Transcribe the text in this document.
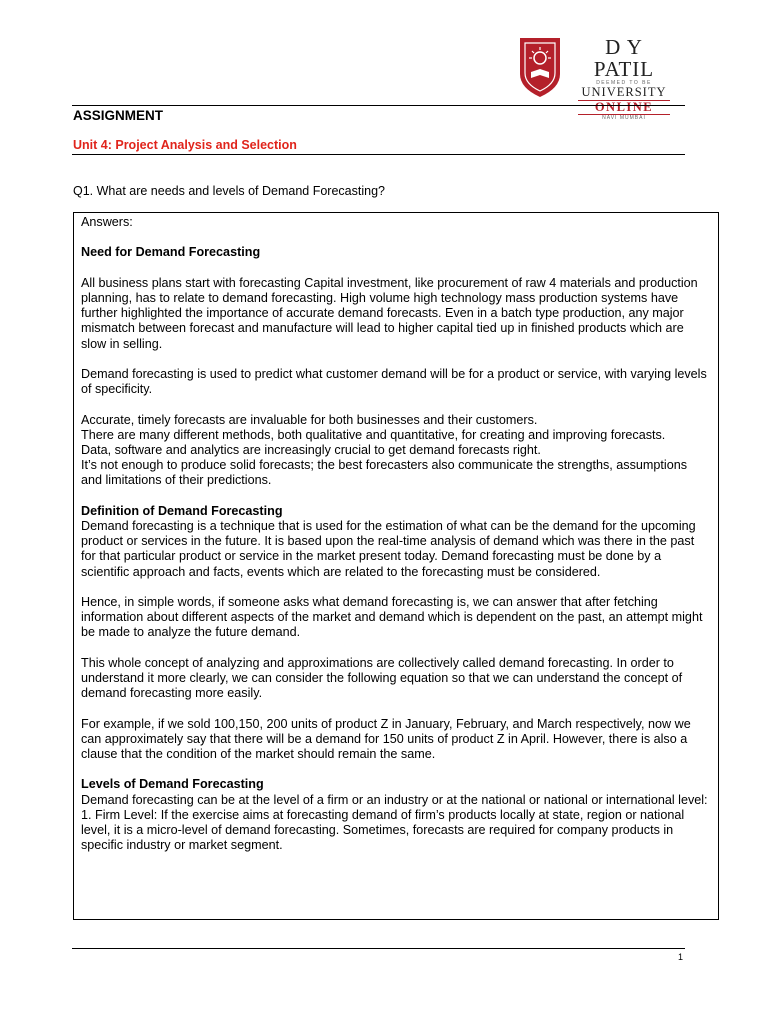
D Y PATIL
DEEMED TO BE
UNIVERSITY
ONLINE
NAVI MUMBAI
ASSIGNMENT
Unit 4: Project Analysis and Selection
Q1. What are needs and levels of Demand Forecasting?

Answers:

Need for Demand Forecasting

All business plans start with forecasting Capital investment, like procurement of raw 4 materials and production planning, has to relate to demand forecasting. High volume high technology mass production systems have further highlighted the importance of accurate demand forecasts. Even in a batch type production, any major mismatch between forecast and manufacture will lead to higher capital tied up in finished products which are slow in selling.

Demand forecasting is used to predict what customer demand will be for a product or service, with varying levels of specificity.

Accurate, timely forecasts are invaluable for both businesses and their customers.

There are many different methods, both qualitative and quantitative, for creating and improving forecasts.

Data, software and analytics are increasingly crucial to get demand forecasts right.

It’s not enough to produce solid forecasts; the best forecasters also communicate the strengths, assumptions and limitations of their predictions.

Definition of Demand Forecasting

Demand forecasting is a technique that is used for the estimation of what can be the demand for the upcoming product or services in the future. It is based upon the real-time analysis of demand which was there in the past for that particular product or service in the market present today. Demand forecasting must be done by a scientific approach and facts, events which are related to the forecasting must be considered.

Hence, in simple words, if someone asks what demand forecasting is, we can answer that after fetching information about different aspects of the market and demand which is dependent on the past, an attempt might be made to analyze the future demand.

This whole concept of analyzing and approximations are collectively called demand forecasting. In order to understand it more clearly, we can consider the following equation so that we can understand the concept of demand forecasting more easily.

For example, if we sold 100,150, 200 units of product Z in January, February, and March respectively, now we can approximately say that there will be a demand for 150 units of product Z in April. However, there is also a clause that the condition of the market should remain the same.

Levels of Demand Forecasting

Demand forecasting can be at the level of a firm or an industry or at the national or national or international level:

1. Firm Level: If the exercise aims at forecasting demand of firm’s products locally at state, region or national level, it is a micro-level of demand forecasting. Sometimes, forecasts are required for company products in specific industry or market segment.

1
